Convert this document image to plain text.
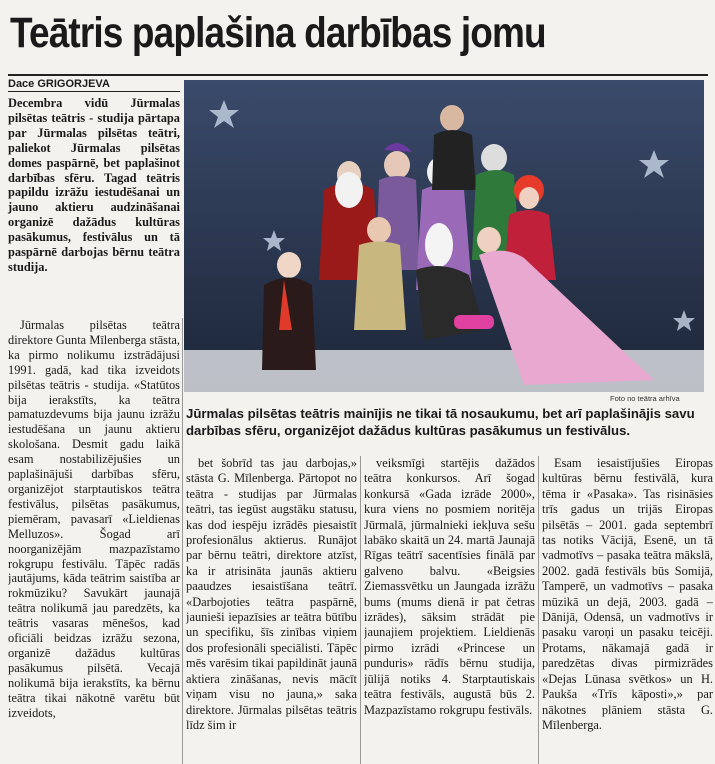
Teātris paplašina darbības jomu
Dace GRIGORJEVA

Decembra vidū Jūrmalas pilsētas teātris - studija pārtapa par Jūrmalas pilsētas teātri, paliekot Jūrmalas pilsētas domes paspārnē, bet paplašinot darbības sfēru. Tagad teātris papildu izrāžu iestudēšanai un jauno aktieru audzināšanai organizē dažādus kultūras pasākumus, festivālus un tā paspārnē darbojas bērnu teātra studija.

Jūrmalas pilsētas teātra direktore Gunta Mīlenberga stāsta, ka pirmo nolikumu izstrādājusi 1991. gadā, kad tika izveidots pilsētas teātris - studija. «Statūtos bija ierakstīts, ka teātra pamatuzdevums bija jaunu izrāžu iestudēšana un jaunu aktieru skološana. Desmit gadu laikā esam nostabilizējušies un paplašinājuši darbības sfēru, organizējot starptautiskos teātra festivālus, pilsētas pasākumus, piemēram, pavasarī «Lieldienas Melluzos». Šogad arī noorganizējām mazpazīstamo rokgrupu festivālu. Tāpēc radās jautājums, kāda teātrim saistība ar rokmūziku? Savukārt jaunajā teātra nolikumā jau paredzēts, ka teātris vasaras mēnešos, kad oficiāli beidzas izrāžu sezona, organizē dažādus kultūras pasākumus pilsētā. Vecajā nolikumā bija ierakstīts, ka bērnu teātra tikai nākotnē varētu būt izveidots,

Foto no teātra arhīva

Jūrmalas pilsētas teātris mainījis ne tikai tā nosaukumu, bet arī paplašinājis savu darbības sfēru, organizējot dažādus kultūras pasākumus un festivālus.

bet šobrīd tas jau darbojas,» stāsta G. Mīlenberga. Pārtopot no teātra - studijas par Jūrmalas teātri, tas iegūst augstāku statusu, kas dod iespēju izrādēs piesaistīt profesionālus aktierus. Runājot par bērnu teātri, direktore atzīst, ka ir atrisināta jaunās aktieru paaudzes iesaistīšana teātrī. «Darbojoties teātra paspārnē, jaunieši iepazīsies ar teātra būtību un specifiku, šīs zinības viņiem dos profesionāli speciālisti. Tāpēc mēs varēsim tikai papildināt jaunā aktiera zināšanas, nevis mācīt viņam visu no jauna,» saka direktore. Jūrmalas pilsētas teātris līdz šim ir

veiksmīgi startējis dažādos teātra konkursos. Arī šogad konkursā «Gada izrāde 2000», kura viens no posmiem noritēja Jūrmalā, jūrmalnieki iekļuva sešu labāko skaitā un 24. martā Jaunajā Rīgas teātrī sacentīsies finālā par galveno balvu. «Beigsies Ziemassvētku un Jaungada izrāžu bums (mums dienā ir pat četras izrādes), sāksim strādāt pie jaunajiem projektiem. Lieldienās pirmo izrādi «Princese un punduris» rādīs bērnu studija, jūlijā notiks 4. Starptautiskais teātra festivāls, augustā būs 2. Mazpazīstamo rokgrupu festivāls.

Esam iesaistījušies Eiropas kultūras bērnu festivālā, kura tēma ir «Pasaka». Tas risināsies trīs gadus un trijās Eiropas pilsētās – 2001. gada septembrī tas notiks Vācijā, Esenē, un tā vadmotīvs – pasaka teātra mākslā, 2002. gadā festivāls būs Somijā, Tamperē, un vadmotīvs – pasaka mūzikā un dejā, 2003. gadā – Dānijā, Odensā, un vadmotīvs ir pasaku varoņi un pasaku teicēji. Protams, nākamajā gadā ir paredzētas divas pirmizrādes «Dejas Lūnasa svētkos» un H. Paukša «Trīs kāposti»,» par nākotnes plāniem stāsta G. Mīlenberga.
